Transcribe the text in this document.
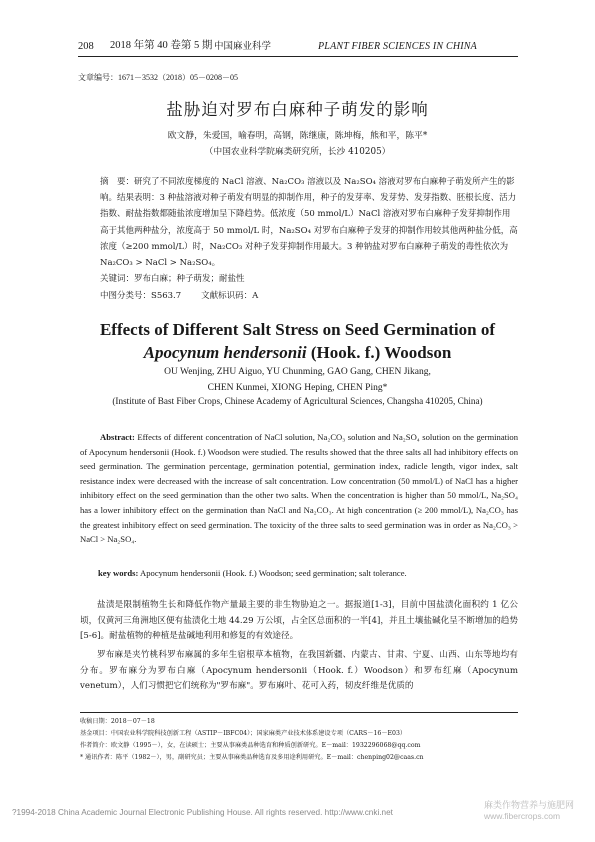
208	2018 年第 40 卷第 5 期 中国麻业科学	PLANT FIBER SCIENCES IN CHINA
文章编号：1671－3532（2018）05－0208－05
盐胁迫对罗布白麻种子萌发的影响
欧文静，朱爱国，喻春明，高钢，陈继康，陈坤梅，熊和平，陈平*
（中国农业科学院麻类研究所，长沙 410205）
摘　要：研究了不同浓度梯度的 NaCl 溶液、Na₂CO₃ 溶液以及 Na₂SO₄ 溶液对罗布白麻种子萌发所产生的影响。结果表明：3 种盐溶液对种子萌发有明显的抑制作用，种子的发芽率、发芽势、发芽指数、胚根长度、活力指数、耐盐指数都随盐浓度增加呈下降趋势。低浓度（50 mmol/L）NaCl 溶液对罗布白麻种子发芽抑制作用高于其他两种盐分，浓度高于 50 mmol/L 时，Na₂SO₄ 对罗布白麻种子发芽的抑制作用较其他两种盐分低，高浓度（≥200 mmol/L）时，Na₂CO₃ 对种子发芽抑制作用最大。3 种钠盐对罗布白麻种子萌发的毒性依次为 Na₂CO₃ > NaCl > Na₂SO₄。
关键词：罗布白麻；种子萌发；耐盐性
中图分类号：S563.7 文献标识码：A
Effects of Different Salt Stress on Seed Germination of
Apocynum hendersonii (Hook. f.) Woodson
OU Wenjing, ZHU Aiguo, YU Chunming, GAO Gang, CHEN Jikang,
CHEN Kunmei, XIONG Heping, CHEN Ping*
(Institute of Bast Fiber Crops, Chinese Academy of Agricultural Sciences, Changsha 410205, China)
Abstract: Effects of different concentration of NaCl solution, Na₂CO₃ solution and Na₂SO₄ solution on the germination of Apocynum hendersonii (Hook. f.) Woodson were studied. The results showed that the three salts all had inhibitory effects on seed germination. The germination percentage, germination potential, germination index, radicle length, vigor index, salt resistance index were decreased with the increase of salt concentration. Low concentration (50 mmol/L) of NaCl has a higher inhibitory effect on the seed germination than the other two salts. When the concentration is higher than 50 mmol/L, Na₂SO₄ has a lower inhibitory effect on the germination than NaCl and Na₂CO₃. At high concentration (≥ 200 mmol/L), Na₂CO₃ has the greatest inhibitory effect on seed germination. The toxicity of the three salts to seed germination was in order as Na₂CO₃ > NaCl > Na₂SO₄.
key words: Apocynum hendersonii (Hook. f.) Woodson; seed germination; salt tolerance.
盐渍是限制植物生长和降低作物产量最主要的非生物胁迫之一。据报道[1-3]，目前中国盐渍化面积约 1 亿公顷，仅黄河三角洲地区便有盐渍化土地 44.29 万公顷，占全区总面积的一半[4]，并且土壤盐碱化呈不断增加的趋势[5-6]。耐盐植物的种植是盐碱地利用和修复的有效途径。
罗布麻是夹竹桃科罗布麻属的多年生宿根草本植物，在我国新疆、内蒙古、甘肃、宁夏、山西、山东等地均有分布。罗布麻分为罗布白麻（Apocynum hendersonii（Hook. f.）Woodson）和罗布红麻（Apocynum venetum），人们习惯把它们统称为"罗布麻"。罗布麻叶、花可入药，韧皮纤维是优质的
收稿日期：2018－07－18
基金项目：中国农业科学院科技创新工程（ASTIP－IBFC04）；国家麻类产业技术体系建设专项（CARS－16－E03）
作者简介：欧文静（1995－），女，在读硕士；主要从事麻类品种选育和种质创新研究。E－mail：1932296068@qq.com
* 通讯作者：陈平（1982－），男，副研究员；主要从事麻类品种选育及多用途利用研究。E－mail：chenping02@caas.cn
?1994-2018 China Academic Journal Electronic Publishing House. All rights reserved. http://www.cnki.net
麻类作物营养与施肥网
www.fibercrops.com
